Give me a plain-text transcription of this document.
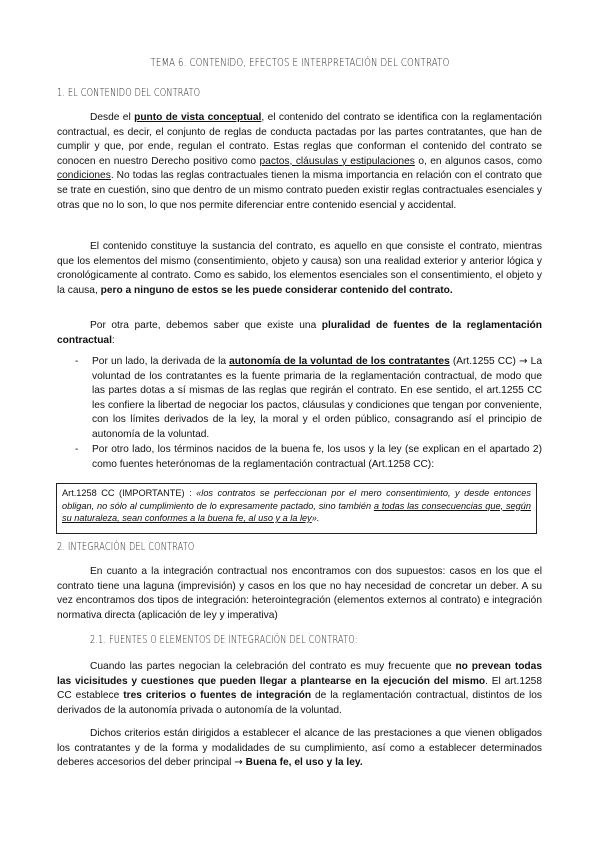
TEMA 6. CONTENIDO, EFECTOS E INTERPRETACIÓN DEL CONTRATO
1. EL CONTENIDO DEL CONTRATO

Desde el punto de vista conceptual, el contenido del contrato se identifica con la reglamentación contractual, es decir, el conjunto de reglas de conducta pactadas por las partes contratantes, que han de cumplir y que, por ende, regulan el contrato. Estas reglas que conforman el contenido del contrato se conocen en nuestro Derecho positivo como pactos, cláusulas y estipulaciones o, en algunos casos, como condiciones. No todas las reglas contractuales tienen la misma importancia en relación con el contrato que se trate en cuestión, sino que dentro de un mismo contrato pueden existir reglas contractuales esenciales y otras que no lo son, lo que nos permite diferenciar entre contenido esencial y accidental.

El contenido constituye la sustancia del contrato, es aquello en que consiste el contrato, mientras que los elementos del mismo (consentimiento, objeto y causa) son una realidad exterior y anterior lógica y cronológicamente al contrato. Como es sabido, los elementos esenciales son el consentimiento, el objeto y la causa, pero a ninguno de estos se les puede considerar contenido del contrato.

Por otra parte, debemos saber que existe una pluralidad de fuentes de la reglamentación contractual:

- Por un lado, la derivada de la autonomía de la voluntad de los contratantes (Art.1255 CC) → La voluntad de los contratantes es la fuente primaria de la reglamentación contractual, de modo que las partes dotas a sí mismas de las reglas que regirán el contrato. En ese sentido, el art.1255 CC les confiere la libertad de negociar los pactos, cláusulas y condiciones que tengan por conveniente, con los límites derivados de la ley, la moral y el orden público, consagrando así el principio de autonomía de la voluntad.
- Por otro lado, los términos nacidos de la buena fe, los usos y la ley (se explican en el apartado 2) como fuentes heterónomas de la reglamentación contractual (Art.1258 CC):
Art.1258 CC (IMPORTANTE) : «los contratos se perfeccionan por el mero consentimiento, y desde entonces obligan, no sólo al cumplimiento de lo expresamente pactado, sino también a todas las consecuencias que, según su naturaleza, sean conformes a la buena fe, al uso y a la ley».
2. INTEGRACIÓN DEL CONTRATO

En cuanto a la integración contractual nos encontramos con dos supuestos: casos en los que el contrato tiene una laguna (imprevisión) y casos en los que no hay necesidad de concretar un deber. A su vez encontramos dos tipos de integración: heterointegración (elementos externos al contrato) e integración normativa directa (aplicación de ley y imperativa)

2.1. FUENTES O ELEMENTOS DE INTEGRACIÓN DEL CONTRATO:

Cuando las partes negocian la celebración del contrato es muy frecuente que no prevean todas las vicisitudes y cuestiones que pueden llegar a plantearse en la ejecución del mismo. El art.1258 CC establece tres criterios o fuentes de integración de la reglamentación contractual, distintos de los derivados de la autonomía privada o autonomía de la voluntad.

Dichos criterios están dirigidos a establecer el alcance de las prestaciones a que vienen obligados los contratantes y de la forma y modalidades de su cumplimiento, así como a establecer determinados deberes accesorios del deber principal → Buena fe, el uso y la ley.
